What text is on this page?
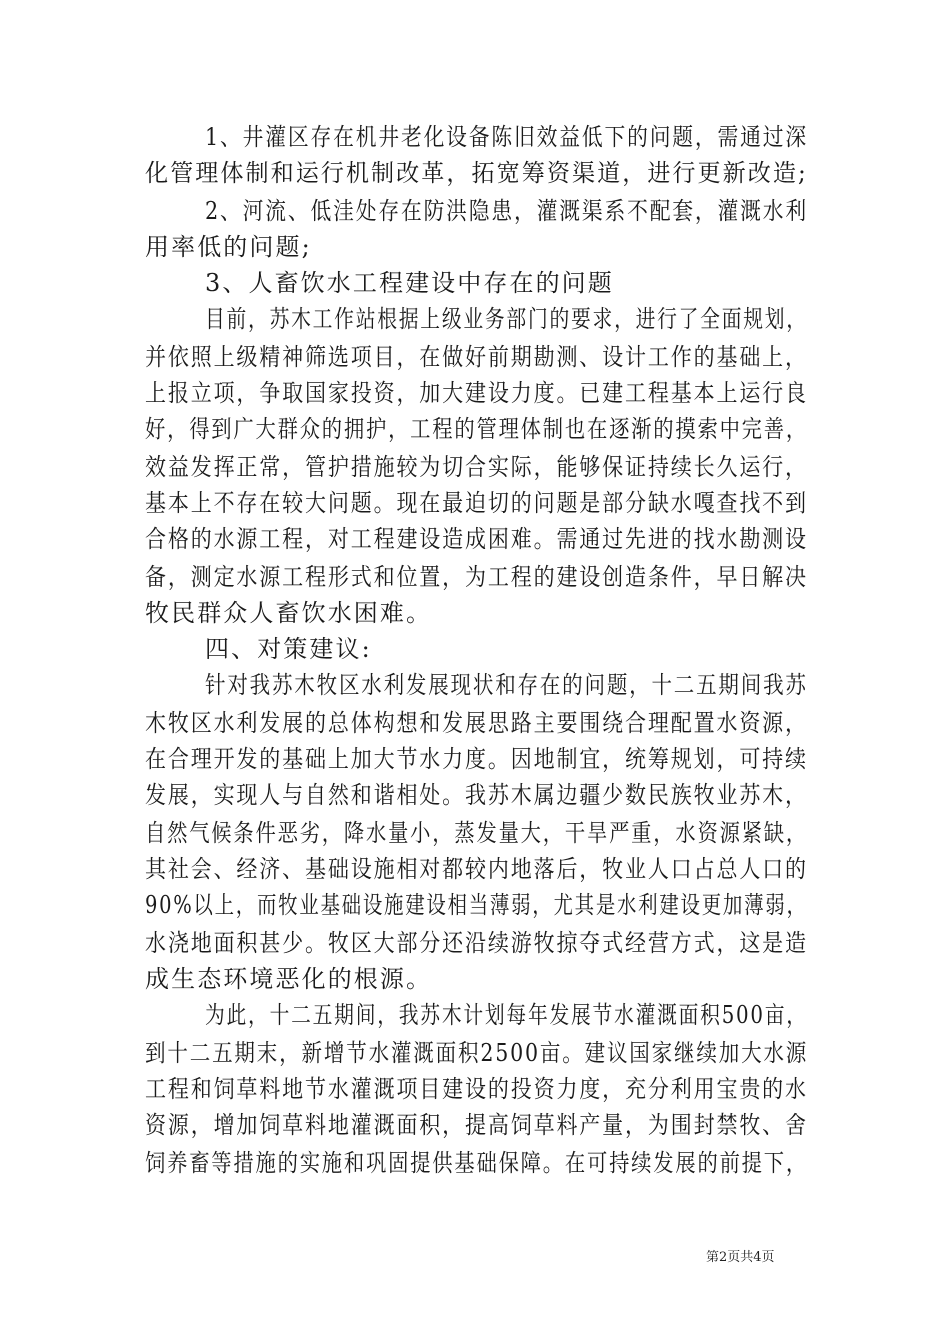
1、井灌区存在机井老化设备陈旧效益低下的问题，需通过深
化管理体制和运行机制改革，拓宽筹资渠道，进行更新改造;
2、河流、低洼处存在防洪隐患，灌溉渠系不配套，灌溉水利
用率低的问题;
3、人畜饮水工程建设中存在的问题
目前，苏木工作站根据上级业务部门的要求，进行了全面规划，
并依照上级精神筛选项目，在做好前期勘测、设计工作的基础上，
上报立项，争取国家投资，加大建设力度。已建工程基本上运行良
好，得到广大群众的拥护，工程的管理体制也在逐渐的摸索中完善，
效益发挥正常，管护措施较为切合实际，能够保证持续长久运行，
基本上不存在较大问题。现在最迫切的问题是部分缺水嘎查找不到
合格的水源工程，对工程建设造成困难。需通过先进的找水勘测设
备，测定水源工程形式和位置，为工程的建设创造条件，早日解决
牧民群众人畜饮水困难。
四、对策建议:
针对我苏木牧区水利发展现状和存在的问题，十二五期间我苏
木牧区水利发展的总体构想和发展思路主要围绕合理配置水资源，
在合理开发的基础上加大节水力度。因地制宜，统筹规划，可持续
发展，实现人与自然和谐相处。我苏木属边疆少数民族牧业苏木，
自然气候条件恶劣，降水量小，蒸发量大，干旱严重，水资源紧缺，
其社会、经济、基础设施相对都较内地落后，牧业人口占总人口的
90%以上，而牧业基础设施建设相当薄弱，尤其是水利建设更加薄弱，
水浇地面积甚少。牧区大部分还沿续游牧掠夺式经营方式，这是造
成生态环境恶化的根源。
为此，十二五期间，我苏木计划每年发展节水灌溉面积500亩，
到十二五期末，新增节水灌溉面积2500亩。建议国家继续加大水源
工程和饲草料地节水灌溉项目建设的投资力度，充分利用宝贵的水
资源，增加饲草料地灌溉面积，提高饲草料产量，为围封禁牧、舍
饲养畜等措施的实施和巩固提供基础保障。在可持续发展的前提下，
第2页共4页
